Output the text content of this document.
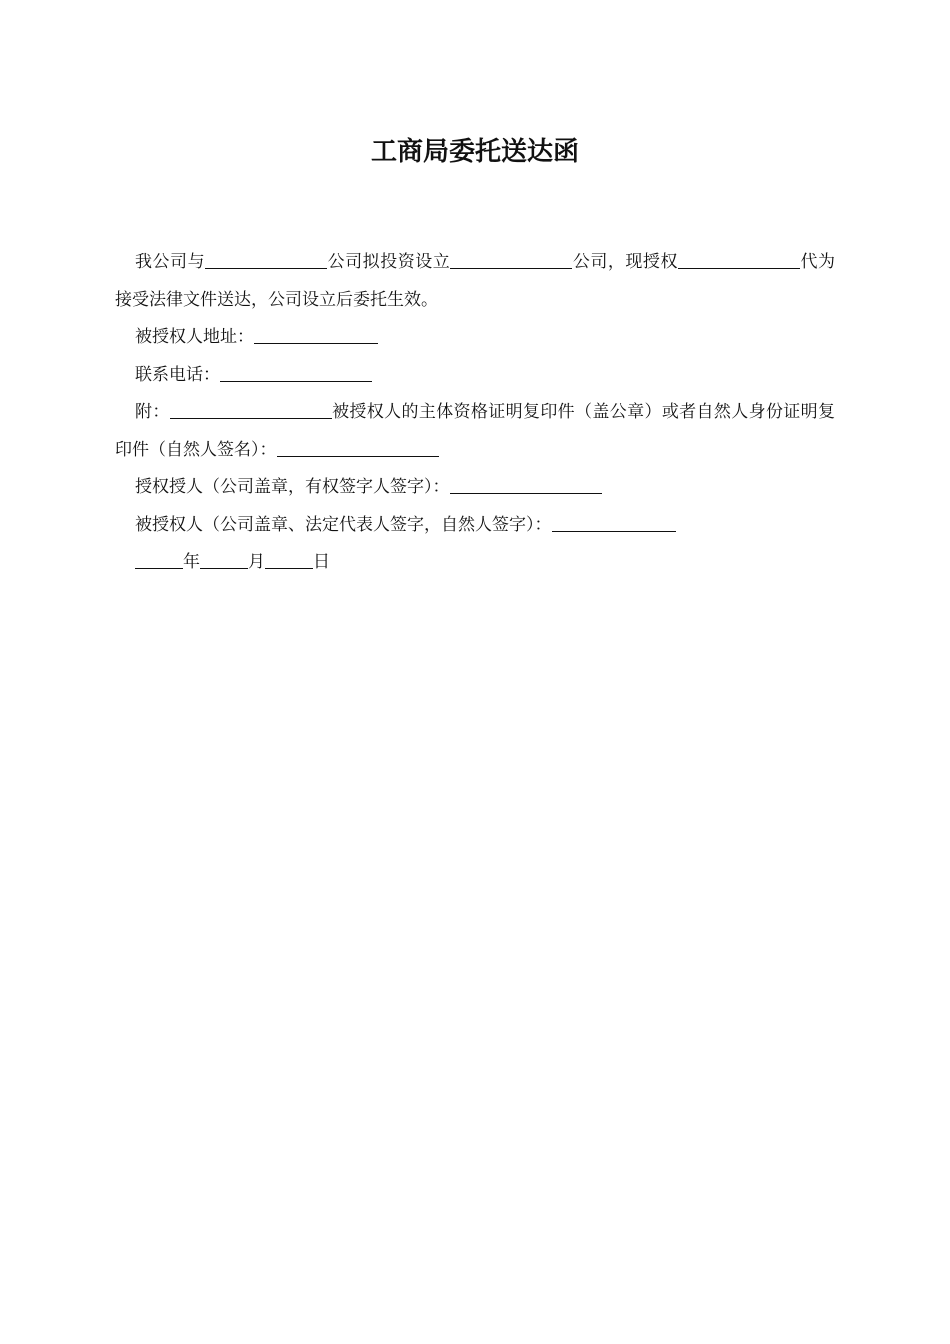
工商局委托送达函

我公司与	公司拟投资设立	公司，现授权	代为接受法律文件送达，公司设立后委托生效。

被授权人地址：

联系电话：

附：	被授权人的主体资格证明复印件（盖公章）或者自然人身份证明复印件（自然人签名）：

授权授人（公司盖章，有权签字人签字）：

被授权人（公司盖章、法定代表人签字，自然人签字）：

年	月	日
